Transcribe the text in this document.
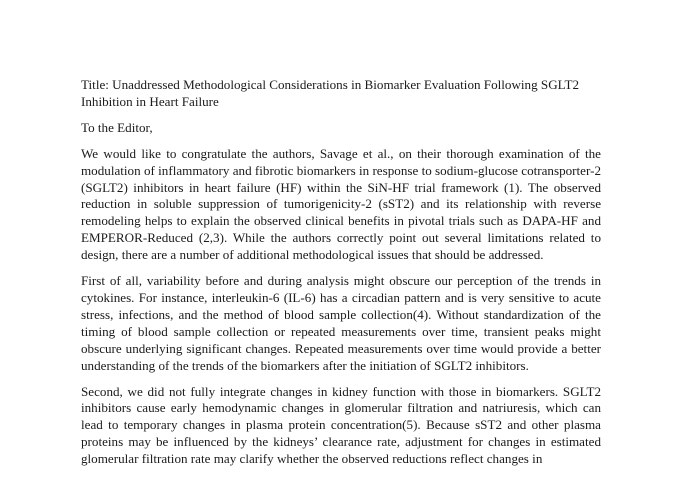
Title: Unaddressed Methodological Considerations in Biomarker Evaluation Following SGLT2 Inhibition in Heart Failure

To the Editor,

We would like to congratulate the authors, Savage et al., on their thorough examination of the modulation of inflammatory and fibrotic biomarkers in response to sodium-glucose cotransporter-2 (SGLT2) inhibitors in heart failure (HF) within the SiN-HF trial framework (1). The observed reduction in soluble suppression of tumorigenicity-2 (sST2) and its relationship with reverse remodeling helps to explain the observed clinical benefits in pivotal trials such as DAPA-HF and EMPEROR-Reduced (2,3). While the authors correctly point out several limitations related to design, there are a number of additional methodological issues that should be addressed.

First of all, variability before and during analysis might obscure our perception of the trends in cytokines. For instance, interleukin-6 (IL-6) has a circadian pattern and is very sensitive to acute stress, infections, and the method of blood sample collection(4). Without standardization of the timing of blood sample collection or repeated measurements over time, transient peaks might obscure underlying significant changes. Repeated measurements over time would provide a better understanding of the trends of the biomarkers after the initiation of SGLT2 inhibitors.

Second, we did not fully integrate changes in kidney function with those in biomarkers. SGLT2 inhibitors cause early hemodynamic changes in glomerular filtration and natriuresis, which can lead to temporary changes in plasma protein concentration(5). Because sST2 and other plasma proteins may be influenced by the kidneys’ clearance rate, adjustment for changes in estimated glomerular filtration rate may clarify whether the observed reductions reflect changes in
